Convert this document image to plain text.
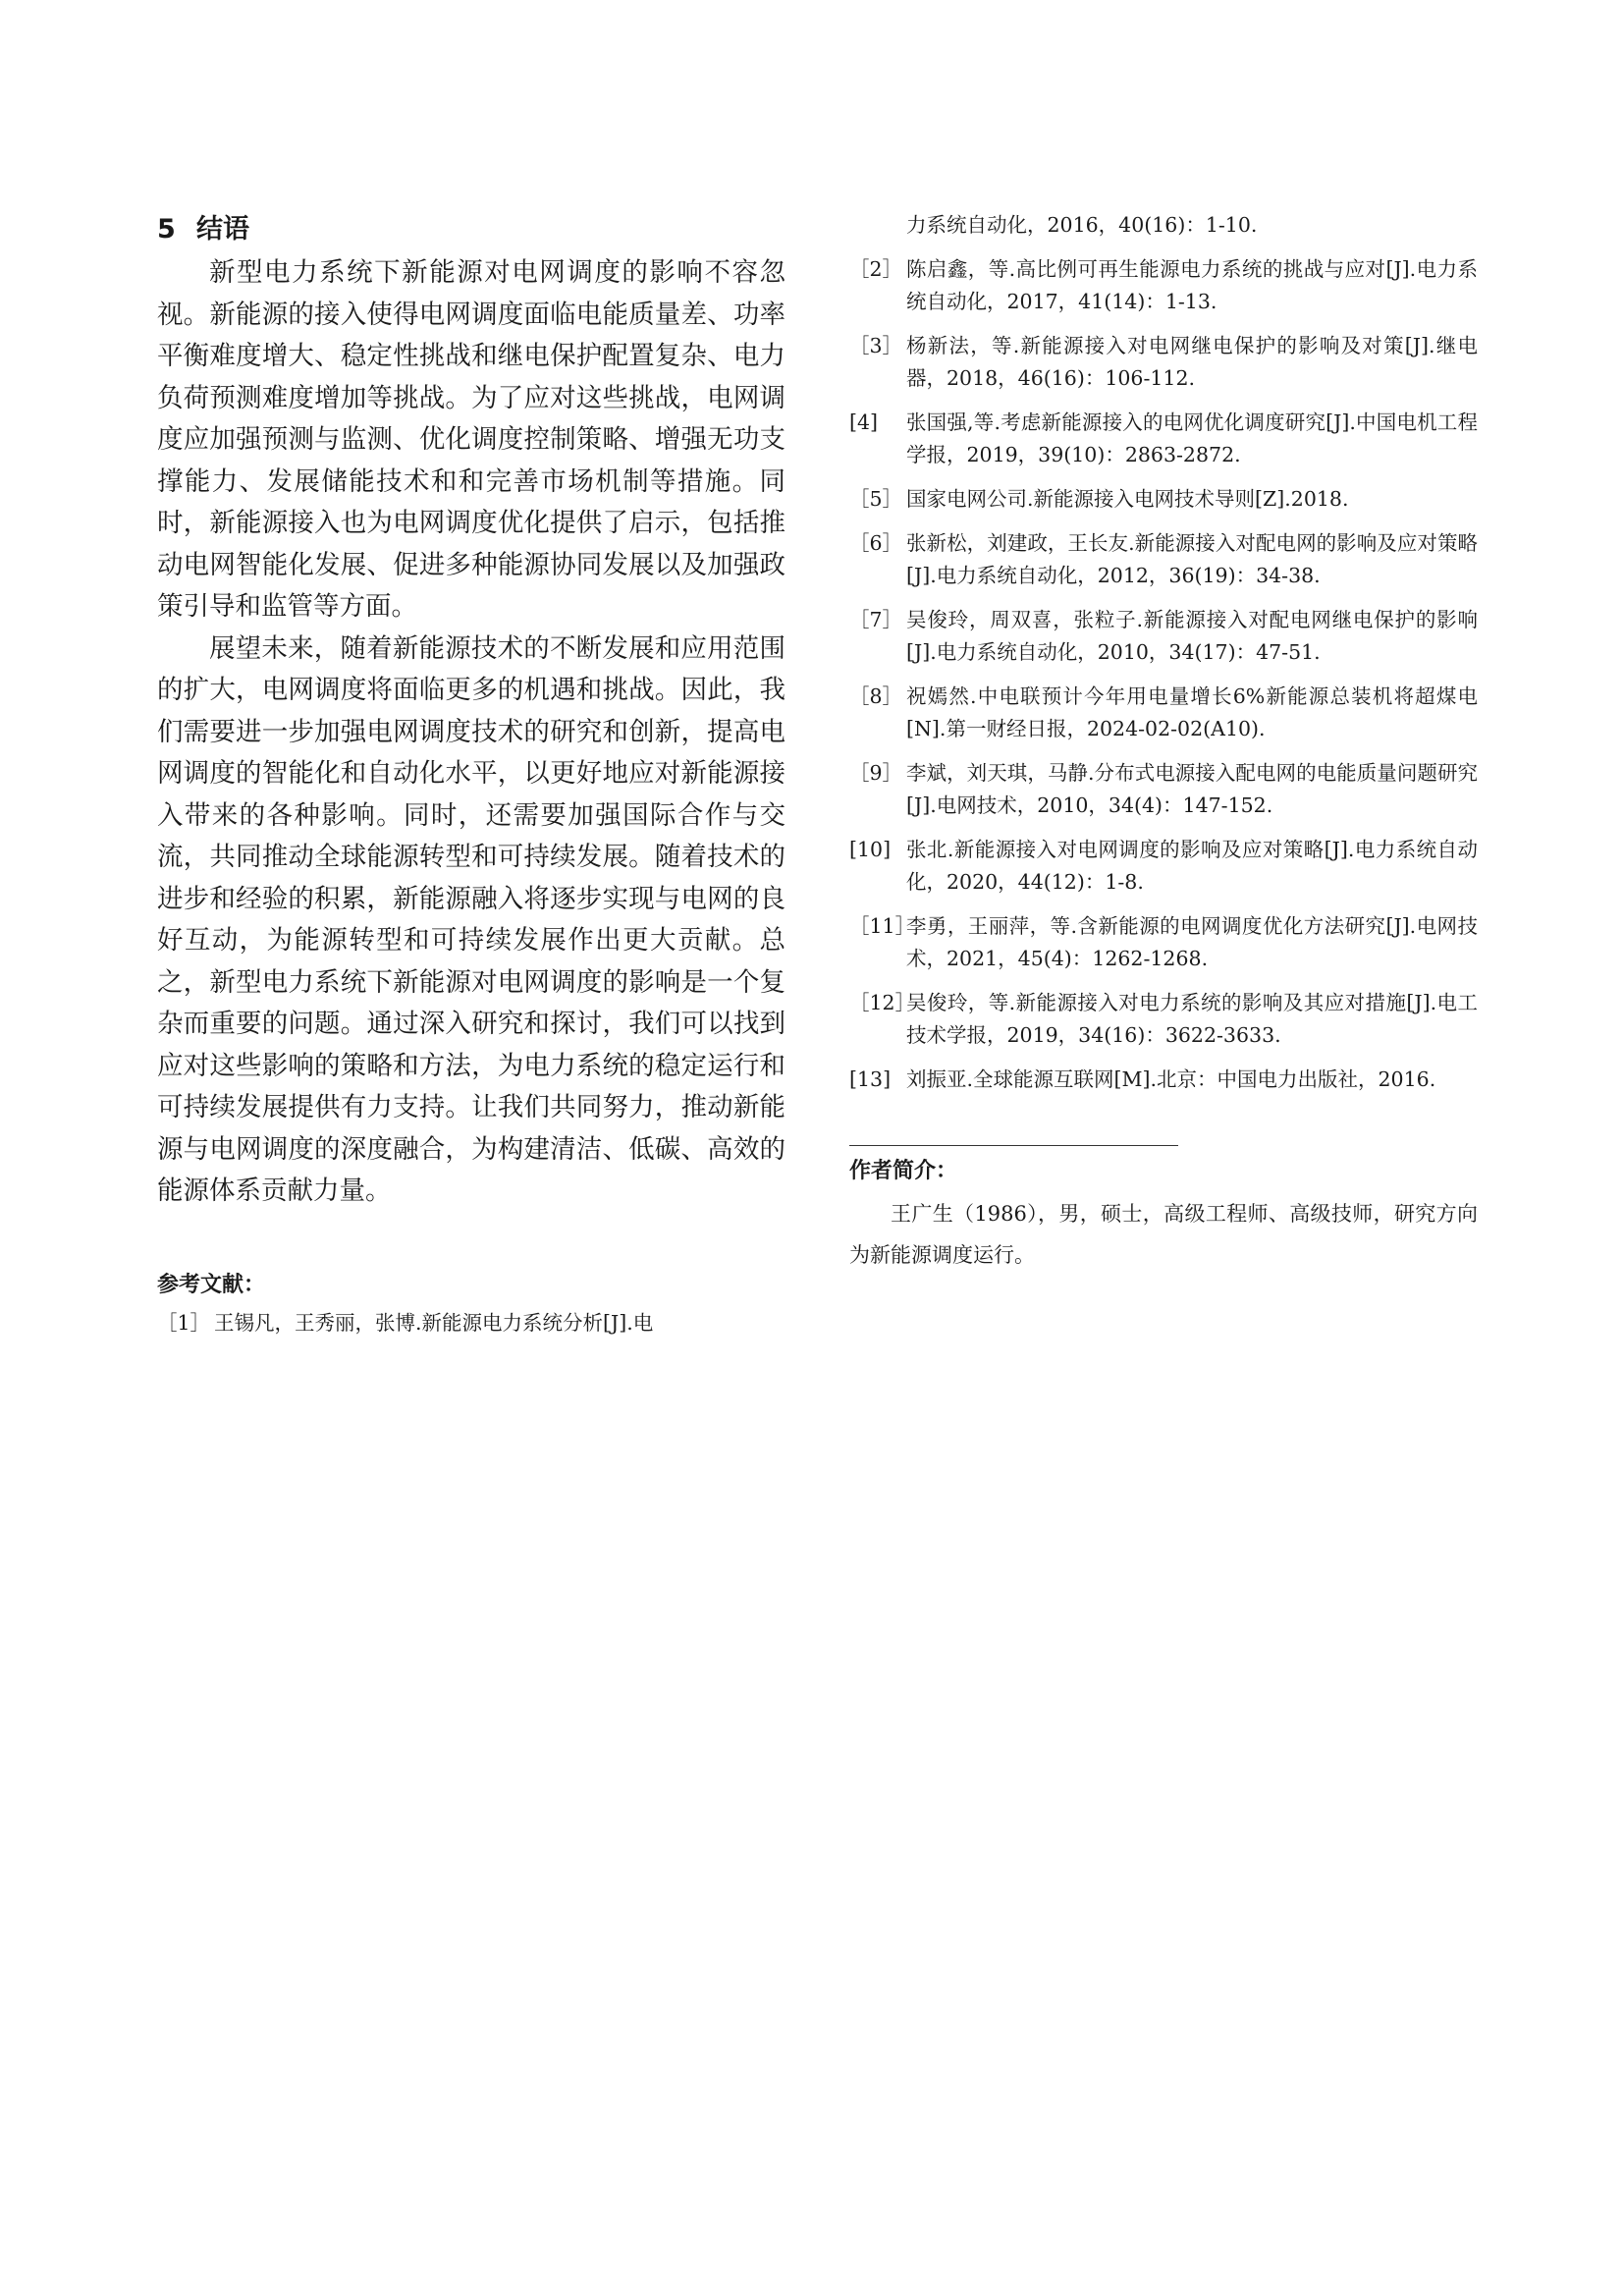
5 结语

新型电力系统下新能源对电网调度的影响不容忽视。新能源的接入使得电网调度面临电能质量差、功率平衡难度增大、稳定性挑战和继电保护配置复杂、电力负荷预测难度增加等挑战。为了应对这些挑战，电网调度应加强预测与监测、优化调度控制策略、增强无功支撑能力、发展储能技术和和完善市场机制等措施。同时，新能源接入也为电网调度优化提供了启示，包括推动电网智能化发展、促进多种能源协同发展以及加强政策引导和监管等方面。

展望未来，随着新能源技术的不断发展和应用范围的扩大，电网调度将面临更多的机遇和挑战。因此，我们需要进一步加强电网调度技术的研究和创新，提高电网调度的智能化和自动化水平，以更好地应对新能源接入带来的各种影响。同时，还需要加强国际合作与交流，共同推动全球能源转型和可持续发展。随着技术的进步和经验的积累，新能源融入将逐步实现与电网的良好互动，为能源转型和可持续发展作出更大贡献。总之，新型电力系统下新能源对电网调度的影响是一个复杂而重要的问题。通过深入研究和探讨，我们可以找到应对这些影响的策略和方法，为电力系统的稳定运行和可持续发展提供有力支持。让我们共同努力，推动新能源与电网调度的深度融合，为构建清洁、低碳、高效的能源体系贡献力量。

参考文献：
［1］ 王锡凡，王秀丽，张博.新能源电力系统分析[J].电
力系统自动化，2016，40(16)：1-10.
［2］ 陈启鑫，等.高比例可再生能源电力系统的挑战与应对[J].电力系统自动化，2017，41(14)：1-13.
［3］ 杨新法，等.新能源接入对电网继电保护的影响及对策[J].继电器，2018，46(16)：106-112.
[4]	张国强,等.考虑新能源接入的电网优化调度研究[J].中国电机工程学报，2019，39(10)：2863-2872.
［5］ 国家电网公司.新能源接入电网技术导则[Z].2018.
［6］ 张新松，刘建政，王长友.新能源接入对配电网的影响及应对策略[J].电力系统自动化，2012，36(19)：34-38.
［7］ 吴俊玲，周双喜，张粒子.新能源接入对配电网继电保护的影响[J].电力系统自动化，2010，34(17)：47-51.
［8］ 祝嫣然.中电联预计今年用电量增长6%新能源总装机将超煤电[N].第一财经日报，2024-02-02(A10).
［9］ 李斌，刘天琪，马静.分布式电源接入配电网的电能质量问题研究[J].电网技术，2010，34(4)：147-152.
[10] 张北.新能源接入对电网调度的影响及应对策略[J].电力系统自动化，2020，44(12)：1-8.
［11］
李勇，王丽萍，等.含新能源的电网调度优化方法研究[J].电网技术，2021，45(4)：1262-1268.
［12］
吴俊玲，等.新能源接入对电力系统的影响及其应对措施[J].电工技术学报，2019，34(16)：3622-3633.
[13] 刘振亚.全球能源互联网[M].北京：中国电力出版社，2016.
作者简介：

王广生（1986），男，硕士，高级工程师、高级技师，研究方向为新能源调度运行。
